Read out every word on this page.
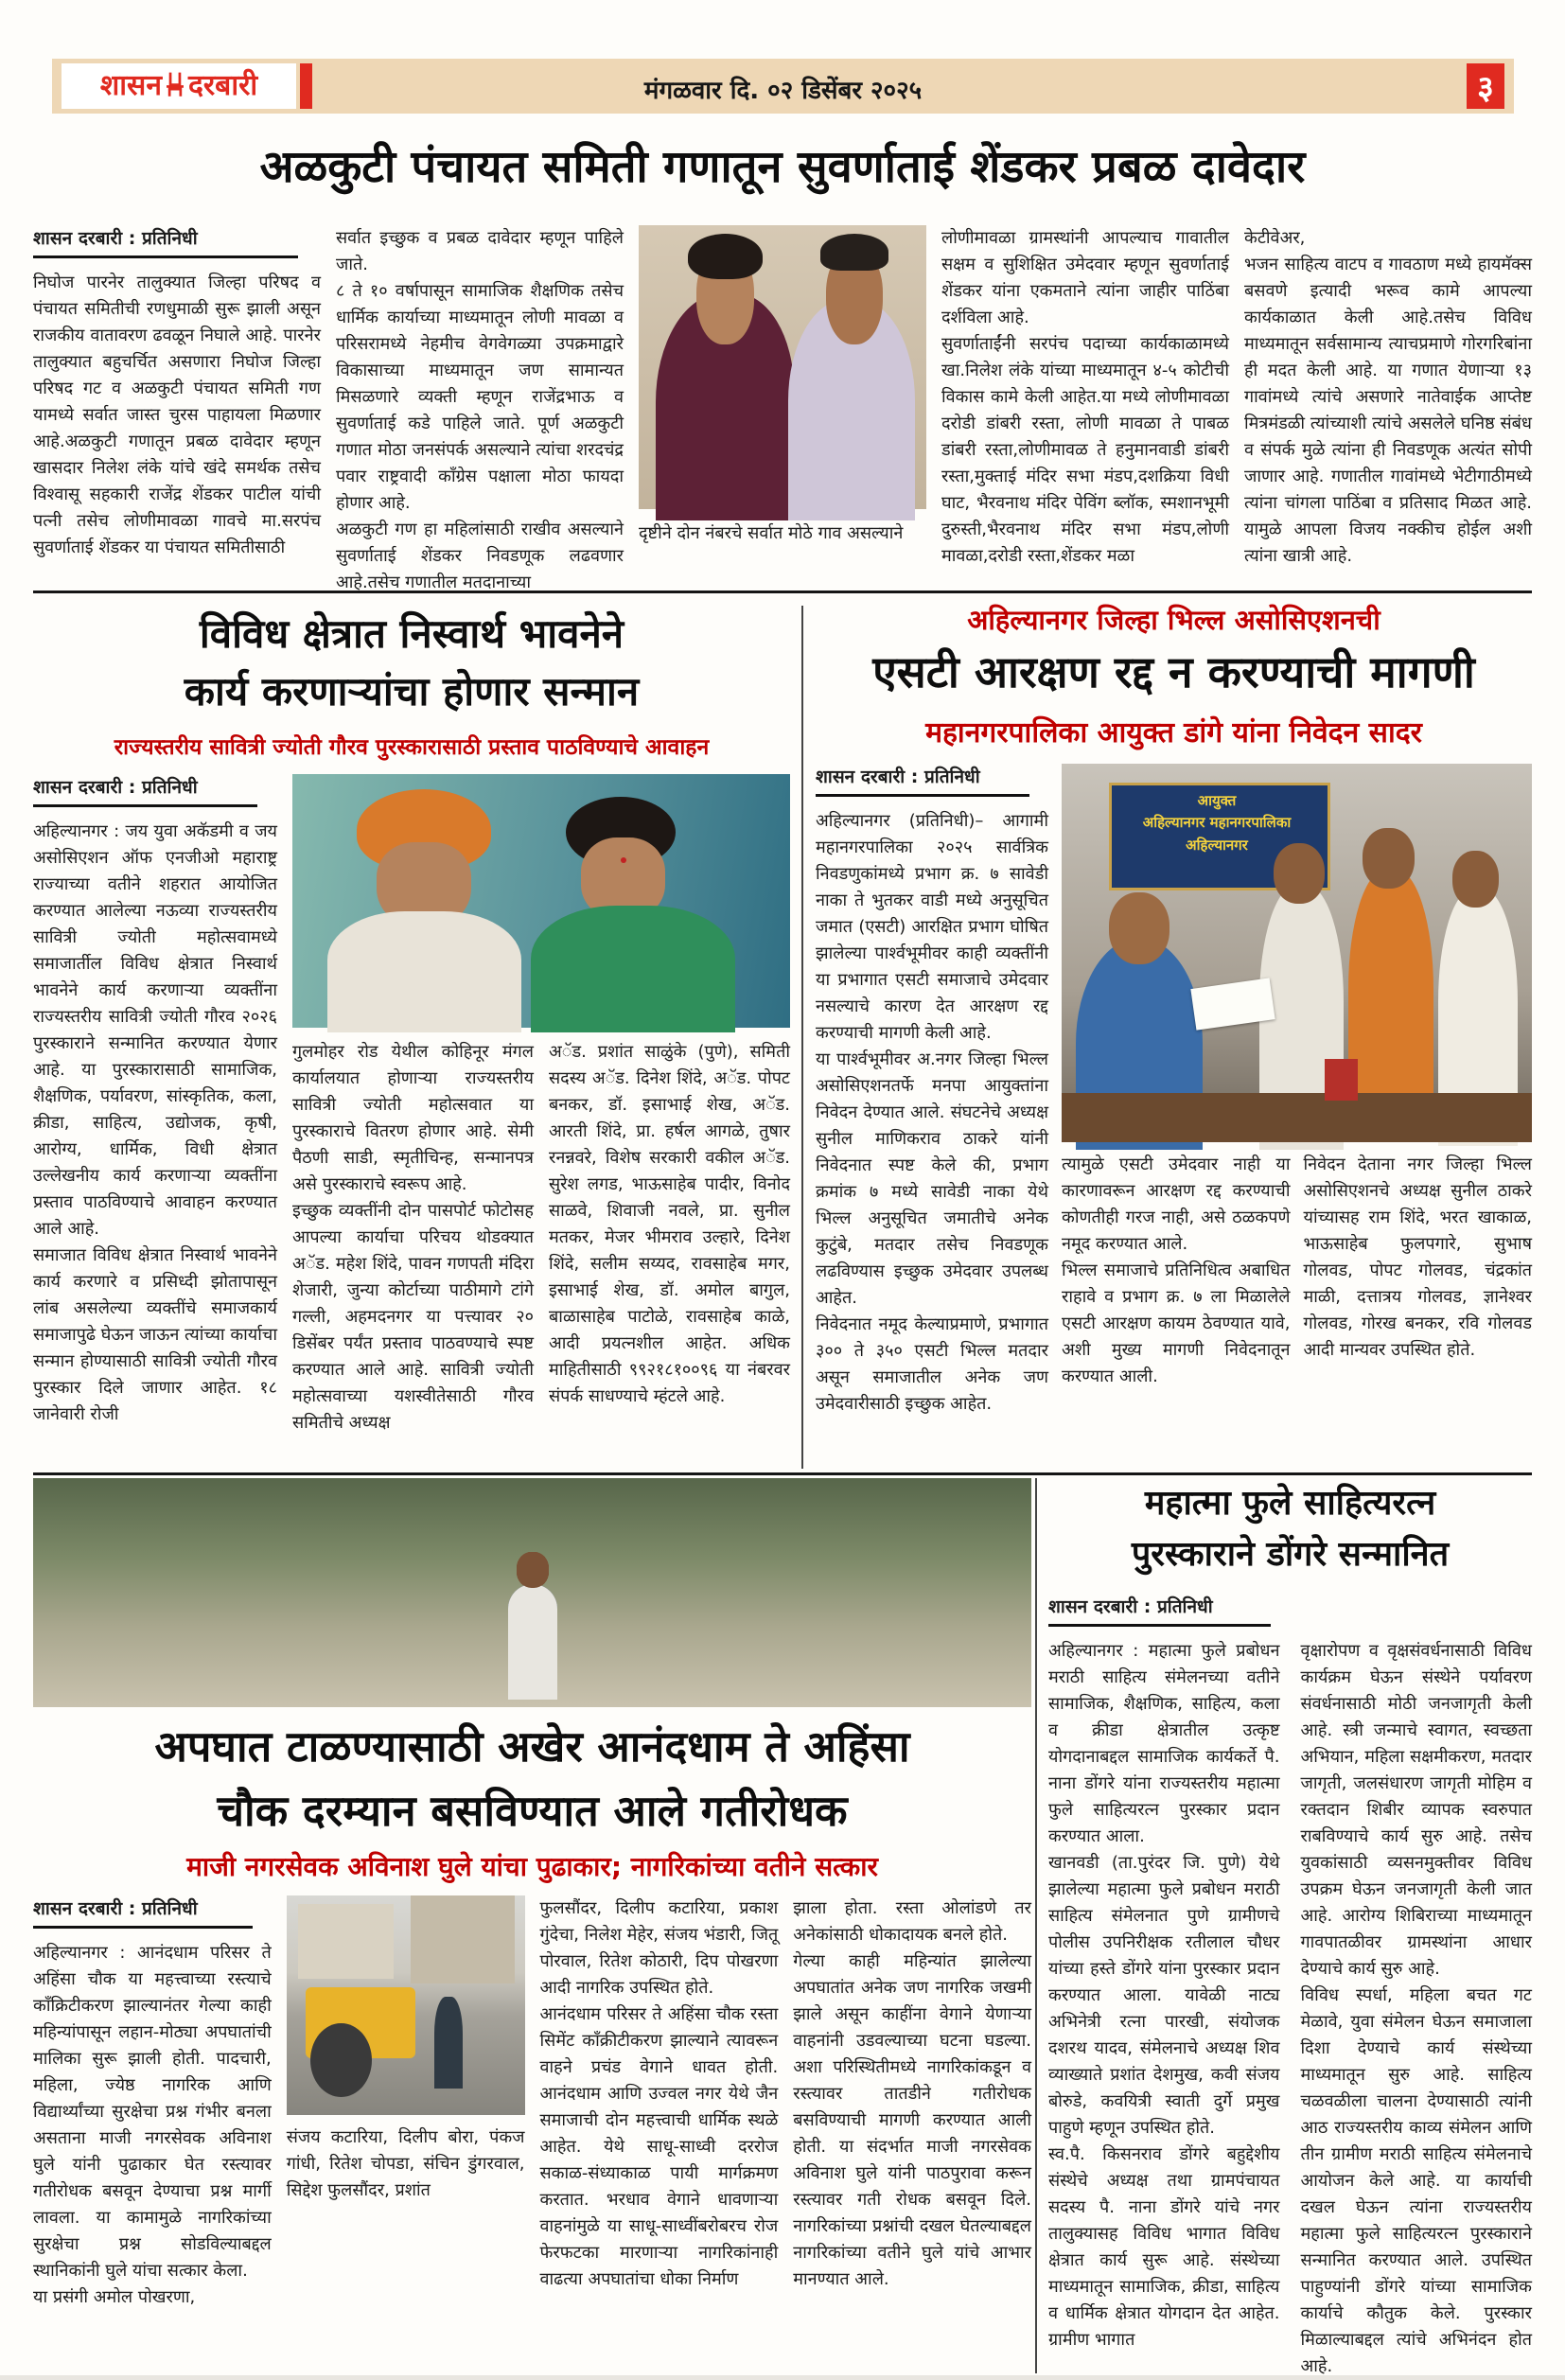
शासन दरबारी	मंगळवार दि. ०२ डिसेंबर २०२५	३
अळकुटी पंचायत समिती गणातून सुवर्णाताई शेंडकर प्रबळ दावेदार
शासन दरबारी : प्रतिनिधी
निघोज पारनेर तालुक्यात जिल्हा परिषद व पंचायत समितीची रणधुमाळी सुरू झाली असून राजकीय वातावरण ढवळून निघाले आहे. पारनेर तालुक्यात बहुचर्चित असणारा निघोज जिल्हा परिषद गट व अळकुटी पंचायत समिती गण यामध्ये सर्वात जास्त चुरस पाहायला मिळणार आहे.अळकुटी गणातून प्रबळ दावेदार म्हणून खासदार निलेश लंके यांचे खंदे समर्थक तसेच विश्वासू सहकारी राजेंद्र शेंडकर पाटील यांची पत्नी तसेच लोणीमावळा गावचे मा.सरपंच सुवर्णाताई शेंडकर या पंचायत समितीसाठी
सर्वात इच्छुक व प्रबळ दावेदार म्हणून पाहिले जाते.
८ ते १० वर्षापासून सामाजिक शैक्षणिक तसेच धार्मिक कार्याच्या माध्यमातून लोणी मावळा व परिसरामध्ये नेहमीच वेगवेगळ्या उपक्रमाद्वारे विकासाच्या माध्यमातून जण सामान्यत मिसळणारे व्यक्ती म्हणून राजेंद्रभाऊ व सुवर्णाताई कडे पाहिले जाते. पूर्ण अळकुटी गणात मोठा जनसंपर्क असल्याने त्यांचा शरदचंद्र पवार राष्ट्रवादी काँग्रेस पक्षाला मोठा फायदा होणार आहे.
अळकुटी गण हा महिलांसाठी राखीव असल्याने सुवर्णाताई शेंडकर निवडणूक लढवणार आहे.तसेच गणातील मतदानाच्या
दृष्टीने दोन नंबरचे सर्वात मोठे गाव असल्याने
लोणीमावळा ग्रामस्थांनी आपल्याच गावातील सक्षम व सुशिक्षित उमेदवार म्हणून सुवर्णाताई शेंडकर यांना एकमताने त्यांना जाहीर पाठिंबा दर्शविला आहे.
सुवर्णाताईंनी सरपंच पदाच्या कार्यकाळामध्ये खा.निलेश लंके यांच्या माध्यमातून ४-५ कोटीची विकास कामे केली आहेत.या मध्ये लोणीमावळा दरोडी डांबरी रस्ता, लोणी मावळा ते पाबळ डांबरी रस्ता,लोणीमावळ ते हनुमानवाडी डांबरी रस्ता,मुक्ताई मंदिर सभा मंडप,दशक्रिया विधी घाट, भैरवनाथ मंदिर पेविंग ब्लॉक, स्मशानभूमी दुरुस्ती,भैरवनाथ मंदिर सभा मंडप,लोणी मावळा,दरोडी रस्ता,शेंडकर मळा
केटीवेअर,
भजन साहित्य वाटप व गावठाण मध्ये हायमॅक्स बसवणे इत्यादी भरूव कामे आपल्या कार्यकाळात केली आहे.तसेच विविध माध्यमातून सर्वसामान्य त्याचप्रमाणे गोरगरिबांना ही मदत केली आहे. या गणात येणाऱ्या १३ गावांमध्ये त्यांचे असणारे नातेवाईक आप्तेष्ट मित्रमंडळी त्यांच्याशी त्यांचे असलेले घनिष्ठ संबंध व संपर्क मुळे त्यांना ही निवडणूक अत्यंत सोपी जाणार आहे. गणातील गावांमध्ये भेटीगाठीमध्ये त्यांना चांगला पाठिंबा व प्रतिसाद मिळत आहे. यामुळे आपला विजय नक्कीच होईल अशी त्यांना खात्री आहे.
विविध क्षेत्रात निस्वार्थ भावनेने
कार्य करणाऱ्यांचा होणार सन्मान
राज्यस्तरीय सावित्री ज्योती गौरव पुरस्कारासाठी प्रस्ताव पाठविण्याचे आवाहन
शासन दरबारी : प्रतिनिधी
अहिल्यानगर : जय युवा अकॅडमी व जय असोसिएशन ऑफ एनजीओ महाराष्ट्र राज्याच्या वतीने शहरात आयोजित करण्यात आलेल्या नऊव्या राज्यस्तरीय सावित्री ज्योती महोत्सवामध्ये समाजार्तील विविध क्षेत्रात निस्वार्थ भावनेने कार्य करणाऱ्या व्यक्तींना राज्यस्तरीय सावित्री ज्योती गौरव २०२६ पुरस्काराने सन्मानित करण्यात येणार आहे. या पुरस्कारासाठी सामाजिक, शैक्षणिक, पर्यावरण, सांस्कृतिक, कला, क्रीडा, साहित्य, उद्योजक, कृषी, आरोग्य, धार्मिक, विधी क्षेत्रात उल्लेखनीय कार्य करणाऱ्या व्यक्तींना प्रस्ताव पाठविण्याचे आवाहन करण्यात आले आहे.
समाजात विविध क्षेत्रात निस्वार्थ भावनेने कार्य करणारे व प्रसिध्दी झोतापासून लांब असलेल्या व्यक्तींचे समाजकार्य समाजापुढे घेऊन जाऊन त्यांच्या कार्याचा सन्मान होण्यासाठी सावित्री ज्योती गौरव पुरस्कार दिले जाणार आहेत. १८ जानेवारी रोजी
गुलमोहर रोड येथील कोहिनूर मंगल कार्यालयात होणाऱ्या राज्यस्तरीय सावित्री ज्योती महोत्सवात या पुरस्काराचे वितरण होणार आहे. सेमी पैठणी साडी, स्मृतीचिन्ह, सन्मानपत्र असे पुरस्काराचे स्वरूप आहे.
इच्छुक व्यक्तींनी दोन पासपोर्ट फोटोसह आपल्या कार्याचा परिचय थोडक्यात अॅड. महेश शिंदे, पावन गणपती मंदिरा शेजारी, जुन्या कोर्टाच्या पाठीमागे टांगे गल्ली, अहमदनगर या पत्त्यावर २० डिसेंबर पर्यंत प्रस्ताव पाठवण्याचे स्पष्ट करण्यात आले आहे. सावित्री ज्योती महोत्सवाच्या यशस्वीतेसाठी गौरव समितीचे अध्यक्ष
अॅड. प्रशांत साळुंके (पुणे), समिती सदस्य अॅड. दिनेश शिंदे, अॅड. पोपट बनकर, डॉ. इसाभाई शेख, अॅड. आरती शिंदे, प्रा. हर्षल आगळे, तुषार रनन्नवरे, विशेष सरकारी वकील अॅड. सुरेश लगड, भाऊसाहेब पादीर, विनोद साळवे, शिवाजी नवले, प्रा. सुनील मतकर, मेजर भीमराव उल्हारे, दिनेश शिंदे, सलीम सय्यद, रावसाहेब मगर, इसाभाई शेख, डॉ. अमोल बागुल, बाळासाहेब पाटोळे, रावसाहेब काळे, आदी प्रयत्नशील आहेत. अधिक माहितीसाठी ९९२१८१००९६ या नंबरवर संपर्क साधण्याचे म्हंटले आहे.
अहिल्यानगर जिल्हा भिल्ल असोसिएशनची
एसटी आरक्षण रद्द न करण्याची मागणी
महानगरपालिका आयुक्त डांगे यांना निवेदन सादर
शासन दरबारी : प्रतिनिधी
अहिल्यानगर (प्रतिनिधी)– आगामी महानगरपालिका २०२५ सार्वत्रिक निवडणुकांमध्ये प्रभाग क्र. ७ सावेडी नाका ते भुतकर वाडी मध्ये अनुसूचित जमात (एसटी) आरक्षित प्रभाग घोषित झालेल्या पार्श्वभूमीवर काही व्यक्तींनी या प्रभागात एसटी समाजाचे उमेदवार नसल्याचे कारण देत आरक्षण रद्द करण्याची मागणी केली आहे.
या पार्श्वभूमीवर अ.नगर जिल्हा भिल्ल असोसिएशनतर्फे मनपा आयुक्तांना निवेदन देण्यात आले. संघटनेचे अध्यक्ष सुनील माणिकराव ठाकरे यांनी निवेदनात स्पष्ट केले की, प्रभाग क्रमांक ७ मध्ये सावेडी नाका येथे भिल्ल अनुसूचित जमातीचे अनेक कुटुंबे, मतदार तसेच निवडणूक लढविण्यास इच्छुक उमेदवार उपलब्ध आहेत.
निवेदनात नमूद केल्याप्रमाणे, प्रभागात ३०० ते ३५० एसटी भिल्ल मतदार असून समाजातील अनेक जण उमेदवारीसाठी इच्छुक आहेत.
आयुक्त
अहिल्यानगर महानगरपालिका
अहिल्यानगर
त्यामुळे एसटी उमेदवार नाही या कारणावरून आरक्षण रद्द करण्याची कोणतीही गरज नाही, असे ठळकपणे नमूद करण्यात आले.
भिल्ल समाजाचे प्रतिनिधित्व अबाधित राहावे व प्रभाग क्र. ७ ला मिळालेले एसटी आरक्षण कायम ठेवण्यात यावे, अशी मुख्य मागणी निवेदनातून करण्यात आली.
निवेदन देताना नगर जिल्हा भिल्ल असोसिएशनचे अध्यक्ष सुनील ठाकरे यांच्यासह राम शिंदे, भरत खाकाळ, भाऊसाहेब फुलपगारे, सुभाष गोलवड, पोपट गोलवड, चंद्रकांत माळी, दत्तात्रय गोलवड, ज्ञानेश्वर गोलवड, गोरख बनकर, रवि गोलवड आदी मान्यवर उपस्थित होते.
अपघात टाळण्यासाठी अखेर आनंदधाम ते अहिंसा
चौक दरम्यान बसविण्यात आले गतीरोधक
माजी नगरसेवक अविनाश घुले यांचा पुढाकार; नागरिकांच्या वतीने सत्कार
शासन दरबारी : प्रतिनिधी
अहिल्यानगर : आनंदधाम परिसर ते अहिंसा चौक या महत्त्वाच्या रस्त्याचे काँक्रिटीकरण झाल्यानंतर गेल्या काही महिन्यांपासून लहान-मोठ्या अपघातांची मालिका सुरू झाली होती. पादचारी, महिला, ज्येष्ठ नागरिक आणि विद्यार्थ्यांच्या सुरक्षेचा प्रश्न गंभीर बनला असताना माजी नगरसेवक अविनाश घुले यांनी पुढाकार घेत रस्त्यावर गतीरोधक बसवून देण्याचा प्रश्न मार्गी लावला. या कामामुळे नागरिकांच्या सुरक्षेचा प्रश्न सोडविल्याबद्दल स्थानिकांनी घुले यांचा सत्कार केला.
या प्रसंगी अमोल पोखरणा,
संजय कटारिया, दिलीप बोरा, पंकज गांधी, रितेश चोपडा, संचिन डुंगरवाल, सिद्देश फुलसौंदर, प्रशांत
फुलसौंदर, दिलीप कटारिया, प्रकाश गुंदेचा, निलेश मेहेर, संजय भंडारी, जितू पोरवाल, रितेश कोठारी, दिप पोखरणा आदी नागरिक उपस्थित होते.
आनंदधाम परिसर ते अहिंसा चौक रस्ता सिमेंट काँक्रीटीकरण झाल्याने त्यावरून वाहने प्रचंड वेगाने धावत होती. आनंदधाम आणि उज्वल नगर येथे जैन समाजाची दोन महत्त्वाची धार्मिक स्थळे आहेत. येथे साधू-साध्वी दररोज सकाळ-संध्याकाळ पायी मार्गक्रमण करतात. भरधाव वेगाने धावणाऱ्या वाहनांमुळे या साधू-साध्वींबरोबरच रोज फेरफटका मारणाऱ्या नागरिकांनाही वाढत्या अपघातांचा धोका निर्माण
झाला होता. रस्ता ओलांडणे तर अनेकांसाठी धोकादायक बनले होते.
गेल्या काही महिन्यांत झालेल्या अपघातांत अनेक जण नागरिक जखमी झाले असून काहींना वेगाने येणाऱ्या वाहनांनी उडवल्याच्या घटना घडल्या. अशा परिस्थितीमध्ये नागरिकांकडून व रस्त्यावर तातडीने गतीरोधक बसविण्याची मागणी करण्यात आली होती. या संदर्भात माजी नगरसेवक अविनाश घुले यांनी पाठपुरावा करून रस्त्यावर गती रोधक बसवून दिले. नागरिकांच्या प्रश्नांची दखल घेतल्याबद्दल नागरिकांच्या वतीने घुले यांचे आभार मानण्यात आले.
महात्मा फुले साहित्यरत्न
पुरस्काराने डोंगरे सन्मानित
शासन दरबारी : प्रतिनिधी
अहिल्यानगर : महात्मा फुले प्रबोधन मराठी साहित्य संमेलनच्या वतीने सामाजिक, शैक्षणिक, साहित्य, कला व क्रीडा क्षेत्रातील उत्कृष्ट योगदानाबद्दल सामाजिक कार्यकर्ते पै. नाना डोंगरे यांना राज्यस्तरीय महात्मा फुले साहित्यरत्न पुरस्कार प्रदान करण्यात आला.
खानवडी (ता.पुरंदर जि. पुणे) येथे झालेल्या महात्मा फुले प्रबोधन मराठी साहित्य संमेलनात पुणे ग्रामीणचे पोलीस उपनिरीक्षक रतीलाल चौधर यांच्या हस्ते डोंगरे यांना पुरस्कार प्रदान करण्यात आला. यावेळी नाट्य अभिनेत्री रत्ना पारखी, संयोजक दशरथ यादव, संमेलनाचे अध्यक्ष शिव व्याख्याते प्रशांत देशमुख, कवी संजय बोरुडे, कवयित्री स्वाती दुर्गे प्रमुख पाहुणे म्हणून उपस्थित होते.
स्व.पै. किसनराव डोंगरे बहुद्देशीय संस्थेचे अध्यक्ष तथा ग्रामपंचायत सदस्य पै. नाना डोंगरे यांचे नगर तालुक्यासह विविध भागात विविध क्षेत्रात कार्य सुरू आहे. संस्थेच्या माध्यमातून सामाजिक, क्रीडा, साहित्य व धार्मिक क्षेत्रात योगदान देत आहेत. ग्रामीण भागात
वृक्षारोपण व वृक्षसंवर्धनासाठी विविध कार्यक्रम घेऊन संस्थेने पर्यावरण संवर्धनासाठी मोठी जनजागृती केली आहे. स्त्री जन्माचे स्वागत, स्वच्छता अभियान, महिला सक्षमीकरण, मतदार जागृती, जलसंधारण जागृती मोहिम व रक्तदान शिबीर व्यापक स्वरुपात राबविण्याचे कार्य सुरु आहे. तसेच युवकांसाठी व्यसनमुक्तीवर विविध उपक्रम घेऊन जनजागृती केली जात आहे. आरोग्य शिबिराच्या माध्यमातून गावपातळीवर ग्रामस्थांना आधार देण्याचे कार्य सुरु आहे.
विविध स्पर्धा, महिला बचत गट मेळावे, युवा संमेलन घेऊन समाजाला दिशा देण्याचे कार्य संस्थेच्या माध्यमातून सुरु आहे. साहित्य चळवळीला चालना देण्यासाठी त्यांनी आठ राज्यस्तरीय काव्य संमेलन आणि तीन ग्रामीण मराठी साहित्य संमेलनाचे आयोजन केले आहे. या कार्याची दखल घेऊन त्यांना राज्यस्तरीय महात्मा फुले साहित्यरत्न पुरस्काराने सन्मानित करण्यात आले. उपस्थित पाहुण्यांनी डोंगरे यांच्या सामाजिक कार्याचे कौतुक केले. पुरस्कार मिळाल्याबद्दल त्यांचे अभिनंदन होत आहे.
